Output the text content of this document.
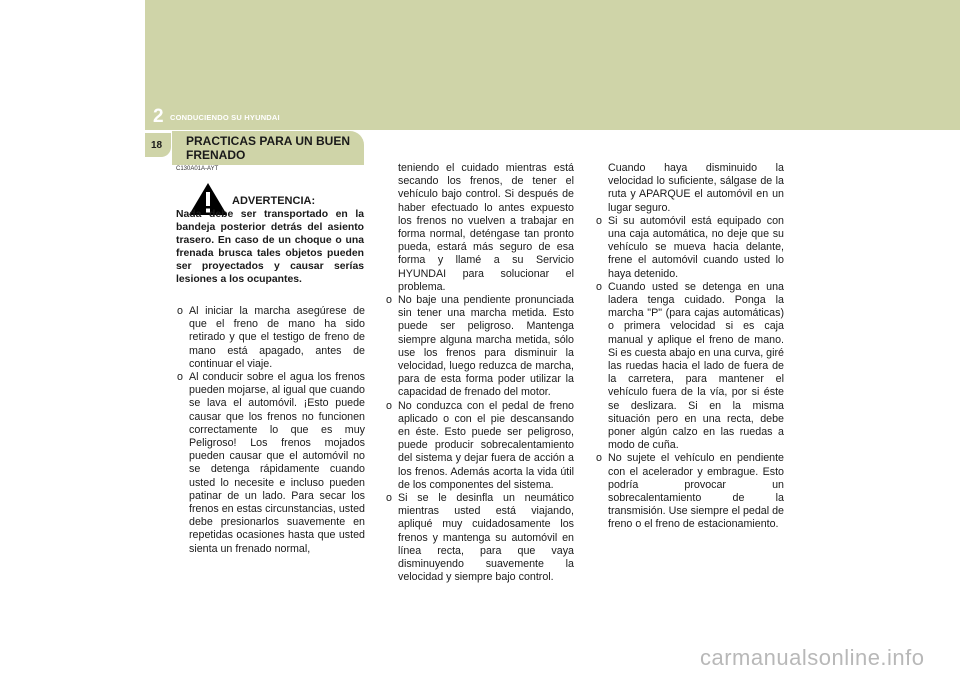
2 CONDUCIENDO SU HYUNDAI
18 PRACTICAS PARA UN BUEN FRENADO
C130A01A-AYT
ADVERTENCIA:
Nada debe ser transportado en la bandeja posterior detrás del asiento trasero. En caso de un choque o una frenada brusca tales objetos pueden ser proyectados y causar serías lesiones a los ocupantes.
o Al iniciar la marcha asegúrese de que el freno de mano ha sido retirado y que el testigo de freno de mano está apagado, antes de continuar el viaje.
o Al conducir sobre el agua los frenos pueden mojarse, al igual que cuando se lava el automóvil. ¡Esto puede causar que los frenos no funcionen correctamente lo que es muy Peligroso! Los frenos mojados pueden causar que el automóvil no se detenga rápidamente cuando usted lo necesite e incluso pueden patinar de un lado. Para secar los frenos en estas circunstancias, usted debe presionarlos suavemente en repetidas ocasiones hasta que usted sienta un frenado normal,

teniendo el cuidado mientras está secando los frenos, de tener el vehículo bajo control. Si después de haber efectuado lo antes expuesto los frenos no vuelven a trabajar en forma normal, deténgase tan pronto pueda, estará más seguro de esa forma y llamé a su Servicio HYUNDAI para solucionar el problema.

o No baje una pendiente pronunciada sin tener una marcha metida. Esto puede ser peligroso. Mantenga siempre alguna marcha metida, sólo use los frenos para disminuir la velocidad, luego reduzca de marcha, para de esta forma poder utilizar la capacidad de frenado del motor.
o No conduzca con el pedal de freno aplicado o con el pie descansando en éste. Esto puede ser peligroso, puede producir sobrecalentamiento del sistema y dejar fuera de acción a los frenos. Además acorta la vida útil de los componentes del sistema.
o Si se le desinfla un neumático mientras usted está viajando, apliqué muy cuidadosamente los frenos y mantenga su automóvil en línea recta, para que vaya disminuyendo suavemente la velocidad y siempre bajo control.

Cuando haya disminuido la velocidad lo suficiente, sálgase de la ruta y APARQUE el automóvil en un lugar seguro.

o Si su automóvil está equipado con una caja automática, no deje que su vehículo se mueva hacia delante, frene el automóvil cuando usted lo haya detenido.
o Cuando usted se detenga en una ladera tenga cuidado. Ponga la marcha "P" (para cajas automáticas) o primera velocidad si es caja manual y aplique el freno de mano. Si es cuesta abajo en una curva, giré las ruedas hacia el lado de fuera de la carretera, para mantener el vehículo fuera de la vía, por si éste se deslizara. Si en la misma situación pero en una recta, debe poner algún calzo en las ruedas a modo de cuña.
o No sujete el vehículo en pendiente con el acelerador y embrague. Esto podría provocar un sobrecalentamiento de la transmisión. Use siempre el pedal de freno o el freno de estacionamiento.
carmanualsonline.info
